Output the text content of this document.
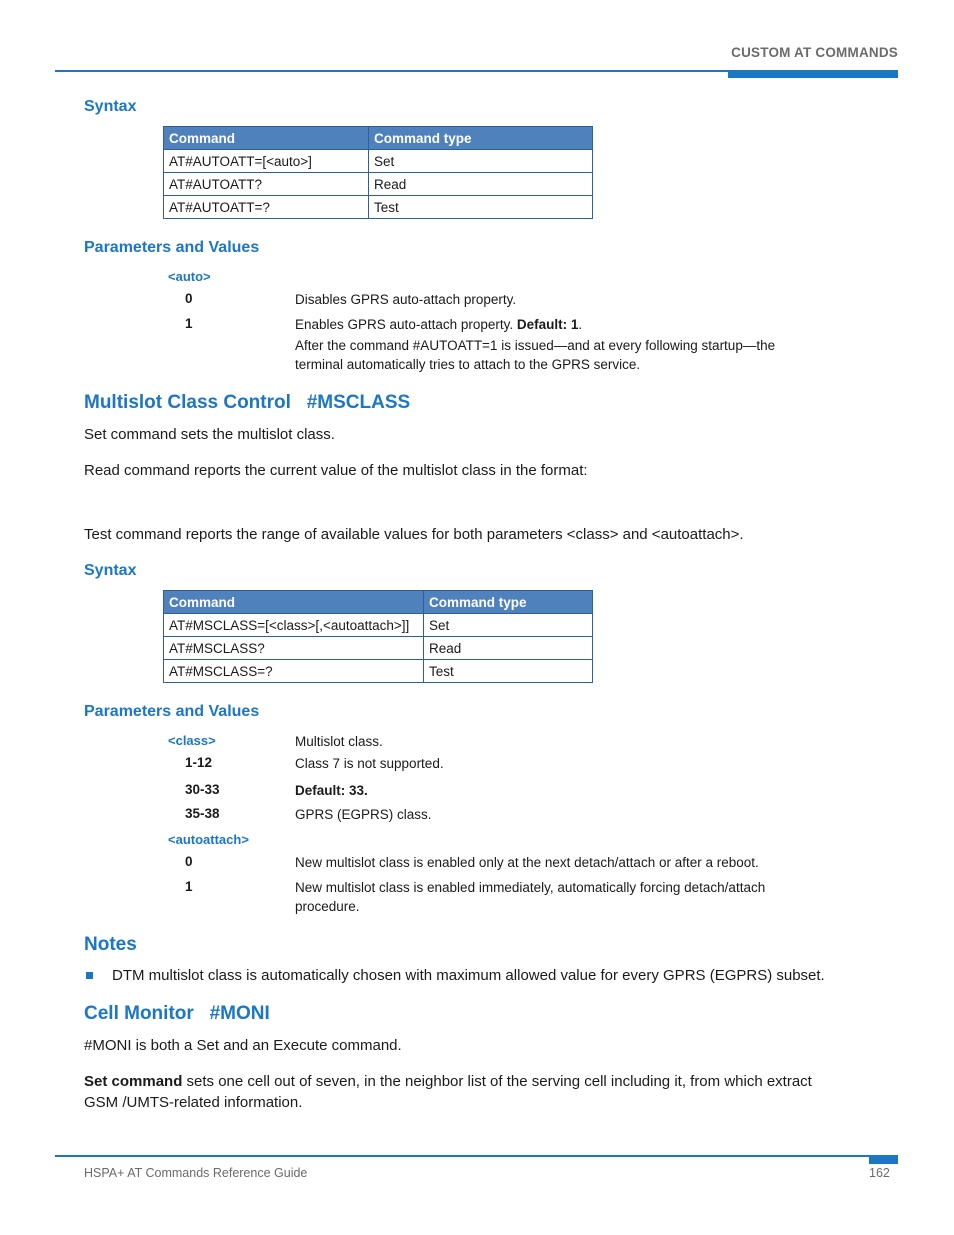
CUSTOM AT COMMANDS
Syntax
Command	Command type
AT#AUTOATT=[<auto>]	Set
AT#AUTOATT?	Read
AT#AUTOATT=?	Test
Parameters and Values
<auto>
0	Disables GPRS auto-attach property.
1	Enables GPRS auto-attach property. Default: 1.
After the command #AUTOATT=1 is issued—and at every following startup—the
terminal automatically tries to attach to the GPRS service.
Multislot Class Control   #MSCLASS
Set command sets the multislot class.
Read command reports the current value of the multislot class in the format:
Test command reports the range of available values for both parameters <class> and <autoattach>.
Syntax
Command	Command type
AT#MSCLASS=[<class>[,<autoattach>]]	Set
AT#MSCLASS?	Read
AT#MSCLASS=?	Test
Parameters and Values
<class>	Multislot class.
1-12	Class 7 is not supported.
30-33	Default: 33.
35-38	GPRS (EGPRS) class.
<autoattach>
0	New multislot class is enabled only at the next detach/attach or after a reboot.
1	New multislot class is enabled immediately, automatically forcing detach/attach
procedure.
Notes
DTM multislot class is automatically chosen with maximum allowed value for every GPRS (EGPRS) subset.
Cell Monitor   #MONI
#MONI is both a Set and an Execute command.
Set command sets one cell out of seven, in the neighbor list of the serving cell including it, from which extract
GSM /UMTS-related information.
HSPA+ AT Commands Reference Guide	162
